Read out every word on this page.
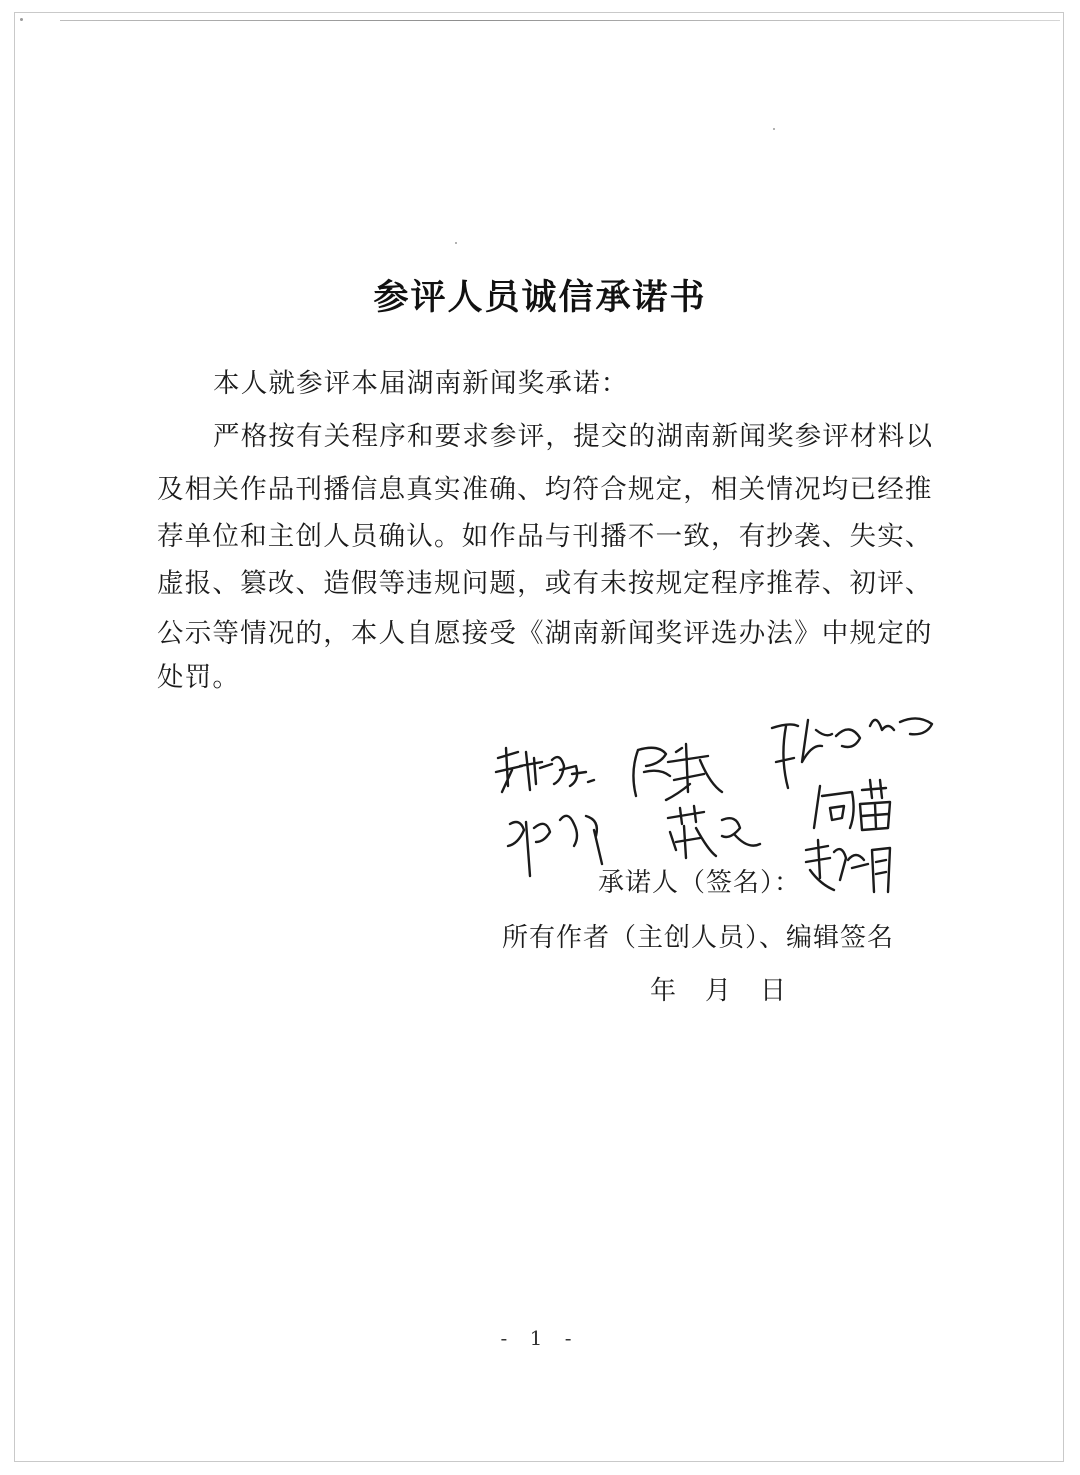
参评人员诚信承诺书
本人就参评本届湖南新闻奖承诺：
严格按有关程序和要求参评，提交的湖南新闻奖参评材料以
及相关作品刊播信息真实准确、均符合规定，相关情况均已经推
荐单位和主创人员确认。如作品与刊播不一致，有抄袭、失实、
虚报、篡改、造假等违规问题，或有未按规定程序推荐、初评、
公示等情况的，本人自愿接受《湖南新闻奖评选办法》中规定的
处罚。
承诺人（签名）：
所有作者（主创人员）、编辑签名
年 月 日
- 1 -
